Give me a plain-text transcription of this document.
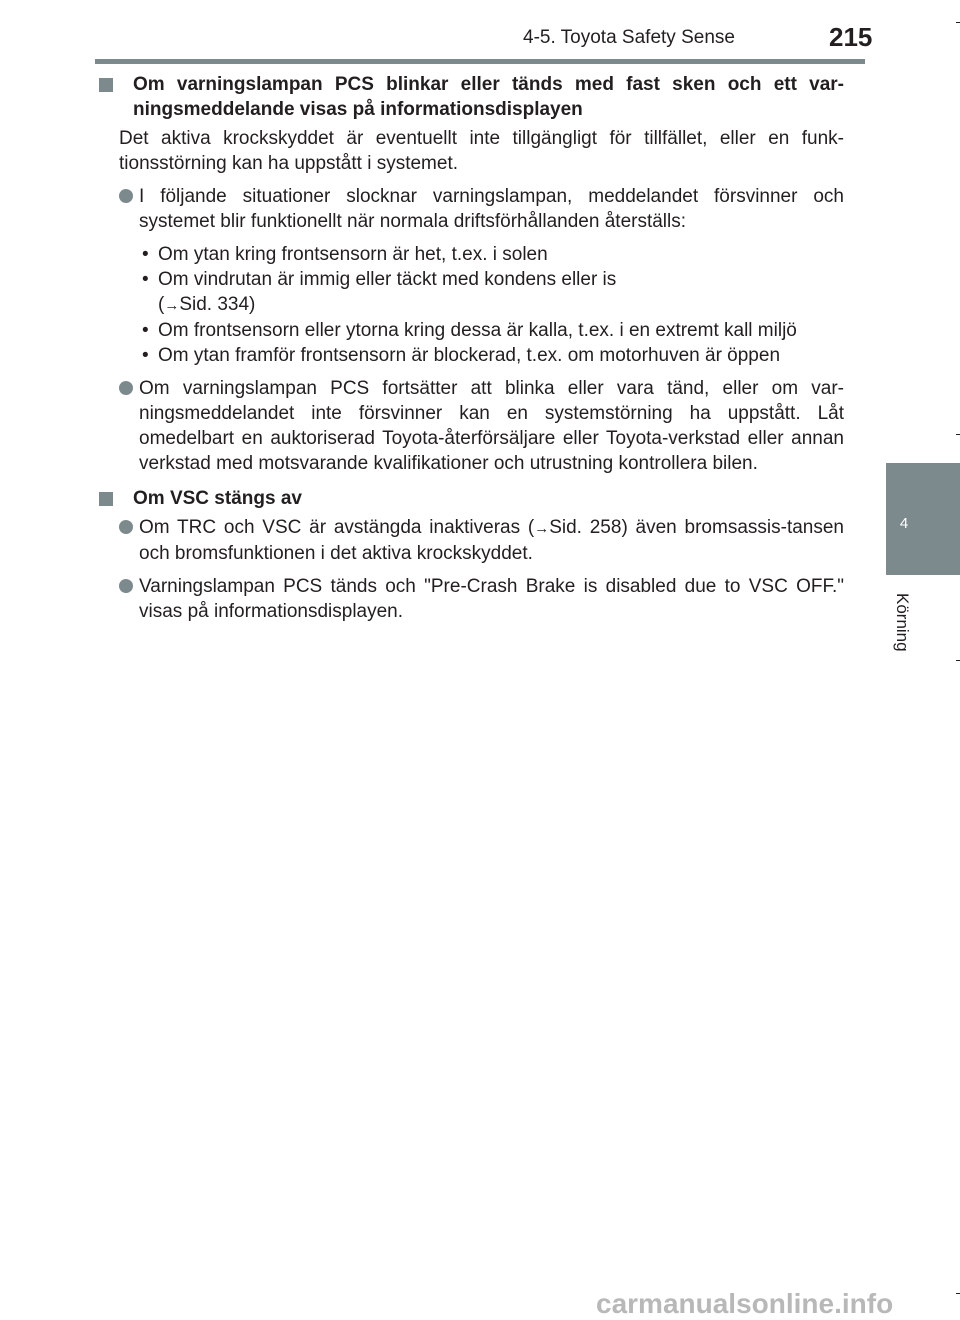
4-5. Toyota Safety Sense	215
4
Körning
Om varningslampan PCS blinkar eller tänds med fast sken och ett var-ningsmeddelande visas på informationsdisplayen
Det aktiva krockskyddet är eventuellt inte tillgängligt för tillfället, eller en funk-tionsstörning kan ha uppstått i systemet.
I följande situationer slocknar varningslampan, meddelandet försvinner och systemet blir funktionellt när normala driftsförhållanden återställs:
• Om ytan kring frontsensorn är het, t.ex. i solen
• Om vindrutan är immig eller täckt med kondens eller is
(→Sid. 334)
• Om frontsensorn eller ytorna kring dessa är kalla, t.ex. i en extremt kall miljö
• Om ytan framför frontsensorn är blockerad, t.ex. om motorhuven är öppen
Om varningslampan PCS fortsätter att blinka eller vara tänd, eller om var-ningsmeddelandet inte försvinner kan en systemstörning ha uppstått. Låt omedelbart en auktoriserad Toyota-återförsäljare eller Toyota-verkstad eller annan verkstad med motsvarande kvalifikationer och utrustning kontrollera bilen.
Om VSC stängs av
Om TRC och VSC är avstängda inaktiveras (→Sid. 258) även bromsassis-tansen och bromsfunktionen i det aktiva krockskyddet.
Varningslampan PCS tänds och "Pre-Crash Brake is disabled due to VSC OFF." visas på informationsdisplayen.
carmanualsonline.info
